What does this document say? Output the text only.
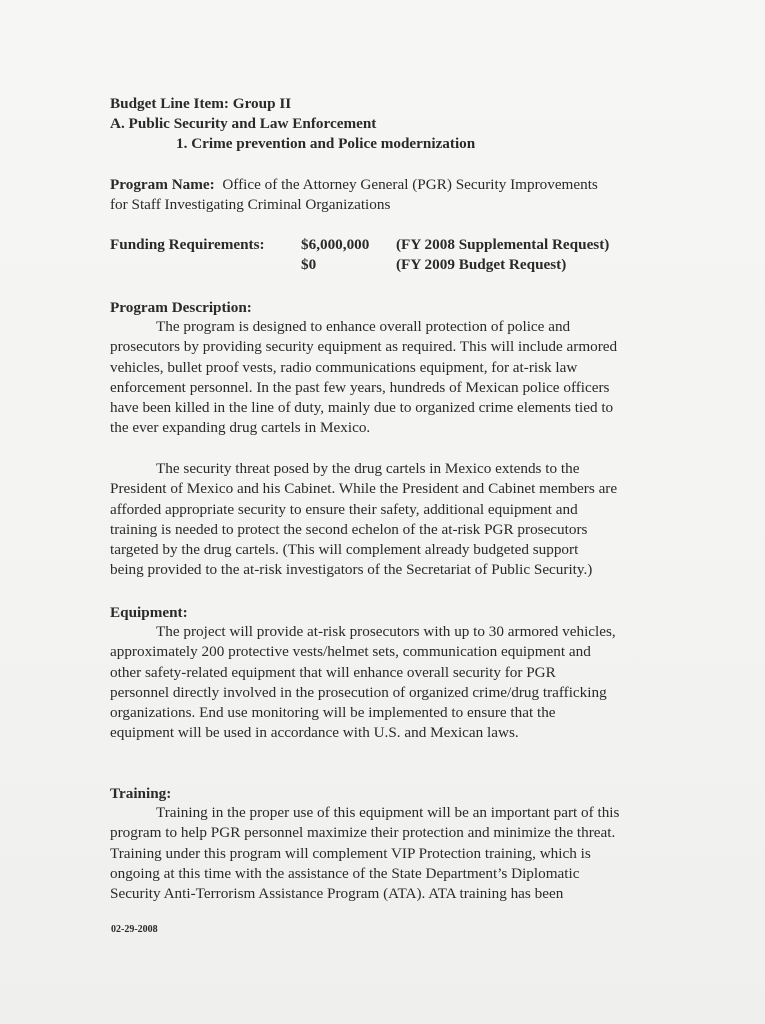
Budget Line Item: Group II
A. Public Security and Law Enforcement
1. Crime prevention and Police modernization
Program Name: Office of the Attorney General (PGR) Security Improvements
for Staff Investigating Criminal Organizations
Funding Requirements: $6,000,000 (FY 2008 Supplemental Request)
$0	(FY 2009 Budget Request)
Program Description:
The program is designed to enhance overall protection of police and
prosecutors by providing security equipment as required. This will include armored
vehicles, bullet proof vests, radio communications equipment, for at-risk law
enforcement personnel. In the past few years, hundreds of Mexican police officers
have been killed in the line of duty, mainly due to organized crime elements tied to
the ever expanding drug cartels in Mexico.
The security threat posed by the drug cartels in Mexico extends to the
President of Mexico and his Cabinet. While the President and Cabinet members are
afforded appropriate security to ensure their safety, additional equipment and
training is needed to protect the second echelon of the at-risk PGR prosecutors
targeted by the drug cartels. (This will complement already budgeted support
being provided to the at-risk investigators of the Secretariat of Public Security.)
Equipment:
The project will provide at-risk prosecutors with up to 30 armored vehicles,
approximately 200 protective vests/helmet sets, communication equipment and
other safety-related equipment that will enhance overall security for PGR
personnel directly involved in the prosecution of organized crime/drug trafficking
organizations. End use monitoring will be implemented to ensure that the
equipment will be used in accordance with U.S. and Mexican laws.
Training:
Training in the proper use of this equipment will be an important part of this
program to help PGR personnel maximize their protection and minimize the threat.
Training under this program will complement VIP Protection training, which is
ongoing at this time with the assistance of the State Department’s Diplomatic
Security Anti-Terrorism Assistance Program (ATA). ATA training has been
02-29-2008
